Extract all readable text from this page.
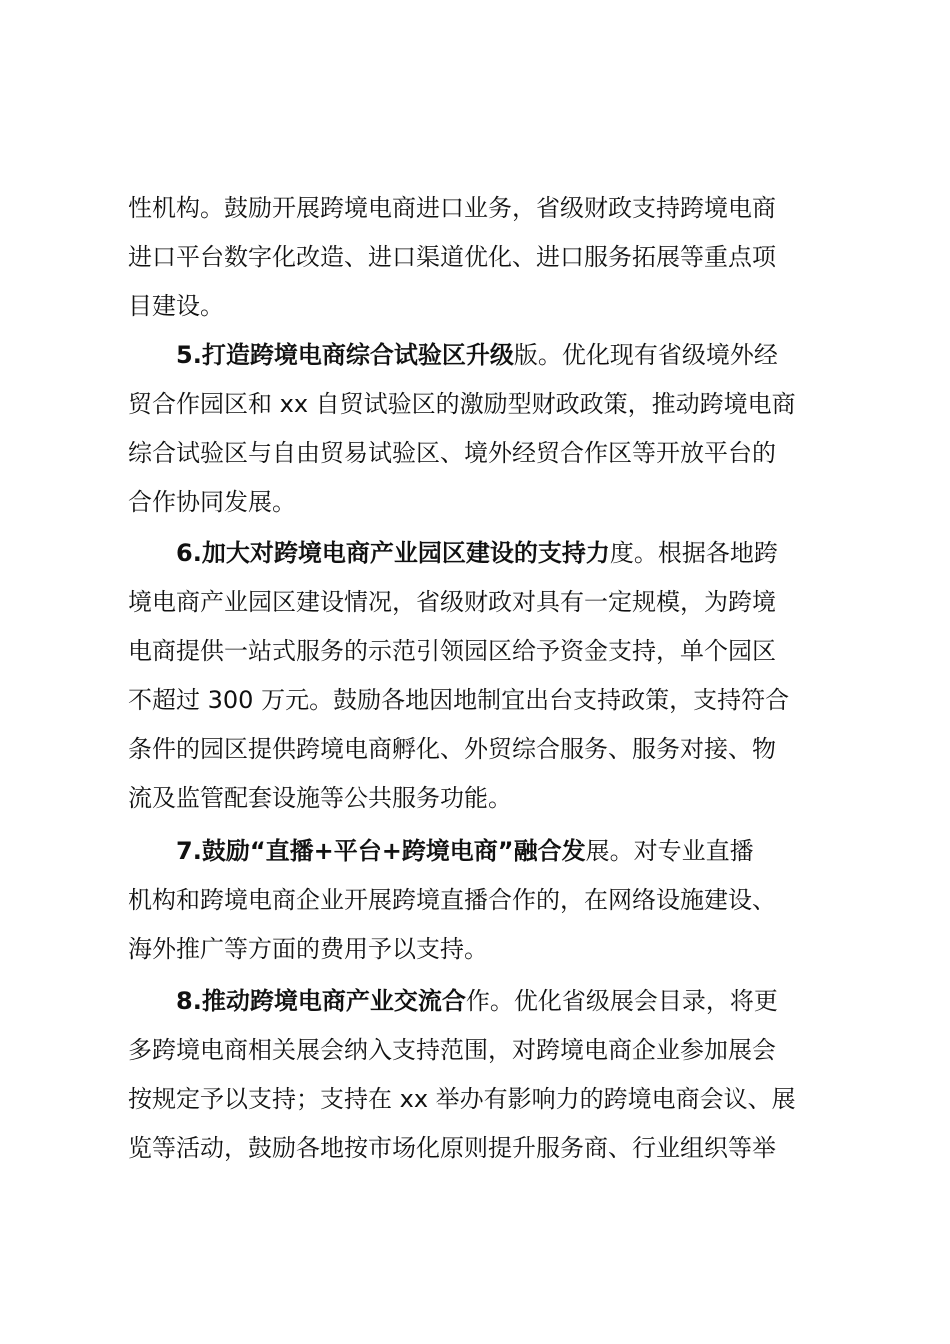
性机构。鼓励开展跨境电商进口业务，省级财政支持跨境电商
进口平台数字化改造、进口渠道优化、进口服务拓展等重点项
目建设。
5.打造跨境电商综合试验区升级版。优化现有省级境外经
贸合作园区和 xx 自贸试验区的激励型财政政策，推动跨境电商
综合试验区与自由贸易试验区、境外经贸合作区等开放平台的
合作协同发展。
6.加大对跨境电商产业园区建设的支持力度。根据各地跨
境电商产业园区建设情况，省级财政对具有一定规模，为跨境
电商提供一站式服务的示范引领园区给予资金支持，单个园区
不超过 300 万元。鼓励各地因地制宜出台支持政策，支持符合
条件的园区提供跨境电商孵化、外贸综合服务、服务对接、物
流及监管配套设施等公共服务功能。
7.鼓励“直播+平台+跨境电商”融合发展。对专业直播
机构和跨境电商企业开展跨境直播合作的，在网络设施建设、
海外推广等方面的费用予以支持。
8.推动跨境电商产业交流合作。优化省级展会目录，将更
多跨境电商相关展会纳入支持范围，对跨境电商企业参加展会
按规定予以支持；支持在 xx 举办有影响力的跨境电商会议、展
览等活动，鼓励各地按市场化原则提升服务商、行业组织等举
